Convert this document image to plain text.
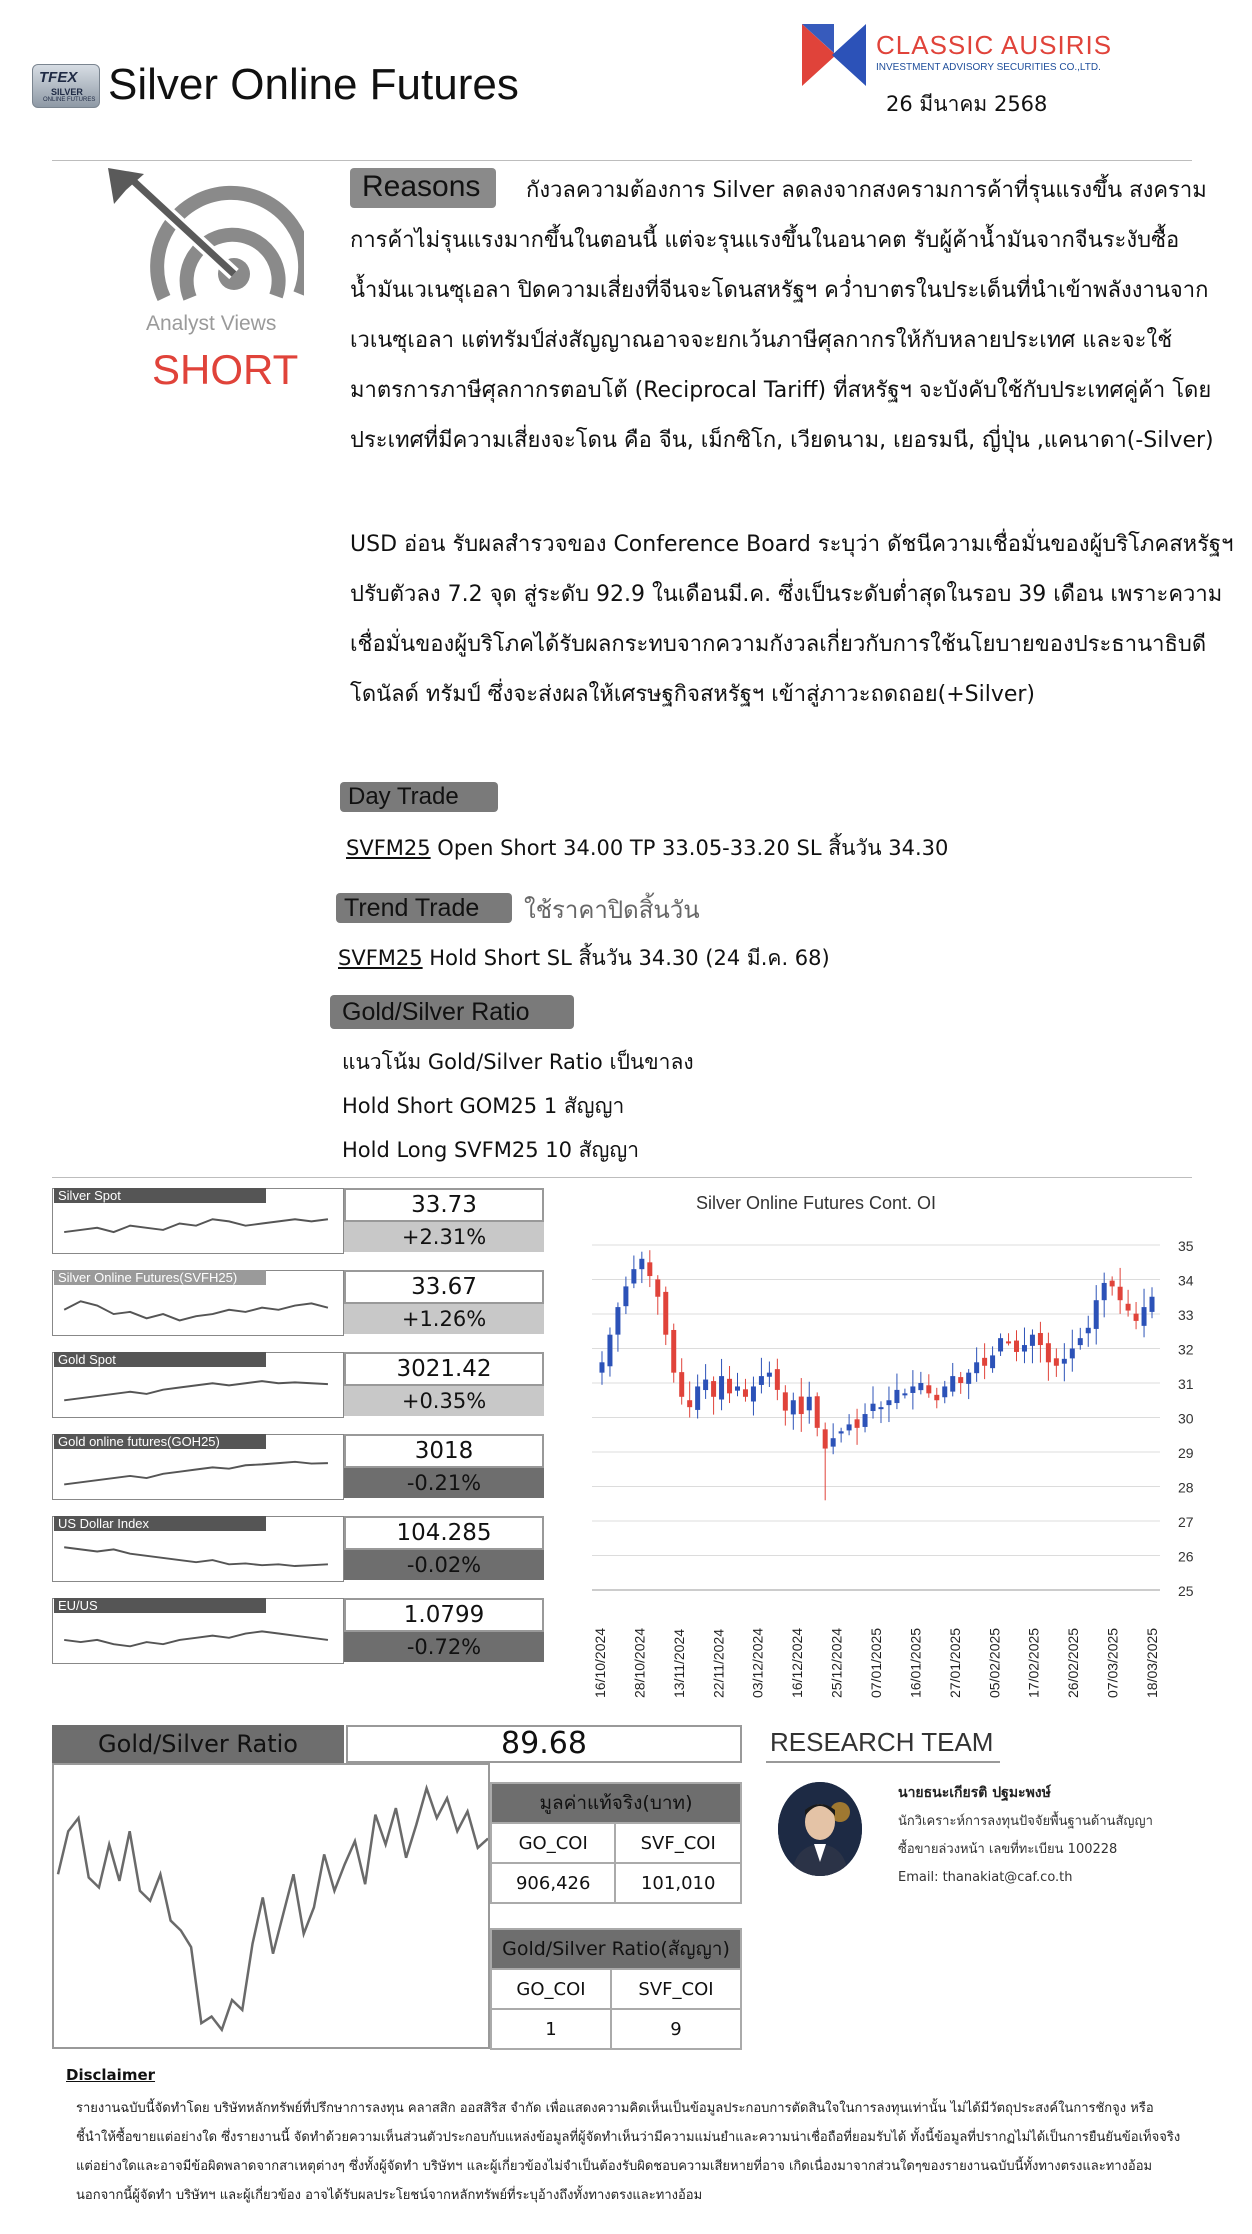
TFEX
SILVER
ONLINE FUTURES Silver Online Futures
CLASSIC AUSIRIS
INVESTMENT ADVISORY SECURITIES CO.,LTD.
26 มีนาคม 2568
Analyst Views
SHORT
กังวลความต้องการ Silver ลดลงจากสงครามการค้าที่รุนแรงขึ้น สงครามการค้าไม่รุนแรงมากขึ้นในตอนนี้ แต่จะรุนแรงขึ้นในอนาคต รับผู้ค้าน้ำมันจากจีนระงับซื้อน้ำมันเวเนซุเอลา ปิดความเสี่ยงที่จีนจะโดนสหรัฐฯ คว่ำบาตรในประเด็นที่นำเข้าพลังงานจากเวเนซุเอลา แต่ทรัมป์ส่งสัญญาณอาจจะยกเว้นภาษีศุลกากรให้กับหลายประเทศ และจะใช้มาตรการภาษีศุลกากรตอบโต้ (Reciprocal Tariff) ที่สหรัฐฯ จะบังคับใช้กับประเทศคู่ค้า โดยประเทศที่มีความเสี่ยงจะโดน คือ จีน, เม็กซิโก, เวียดนาม, เยอรมนี, ญี่ปุ่น ,แคนาดา(-Silver)
Reasons
USD อ่อน รับผลสำรวจของ Conference Board ระบุว่า ดัชนีความเชื่อมั่นของผู้บริโภคสหรัฐฯ ปรับตัวลง 7.2 จุด สู่ระดับ 92.9 ในเดือนมี.ค. ซึ่งเป็นระดับต่ำสุดในรอบ 39 เดือน เพราะความเชื่อมั่นของผู้บริโภคได้รับผลกระทบจากความกังวลเกี่ยวกับการใช้นโยบายของประธานาธิบดีโดนัลด์ ทรัมป์ ซึ่งจะส่งผลให้เศรษฐกิจสหรัฐฯ เข้าสู่ภาวะถดถอย(+Silver)
Day Trade
SVFM25 Open Short 34.00 TP 33.05-33.20 SL สิ้นวัน 34.30
Trend Trade	ใช้ราคาปิดสิ้นวัน
SVFM25 Hold Short SL สิ้นวัน 34.30 (24 มี.ค. 68)
Gold/Silver Ratio
แนวโน้ม Gold/Silver Ratio เป็นขาลง
Hold Short GOM25 1 สัญญา
Hold Long SVFM25 10 สัญญา
Silver Spot	33.73
+2.31%
Silver Online Futures(SVFH25)	33.67
+1.26%
Gold Spot	3021.42
+0.35%
Gold online futures(GOH25)	3018
-0.21%
US Dollar Index	104.285
-0.02%
EU/US	1.0799
-0.72%
Silver Online Futures Cont. OI
25
26
27
28
29
30
31
32
33
34
35
16/10/2024 28/10/2024 13/11/2024 22/11/2024 03/12/2024 16/12/2024 25/12/2024 07/01/2025 16/01/2025 27/01/2025 05/02/2025 17/02/2025 26/02/2025 07/03/2025 18/03/2025
Gold/Silver Ratio	89.68
มูลค่าแท้จริง(บาท)	
GO_COI	SVF_COI
906,426	101,010
Gold/Silver Ratio(สัญญา)	
GO_COI	SVF_COI
1	9
RESEARCH TEAM
นายธนะเกียรติ ปฐมะพงษ์
นักวิเคราะห์การลงทุนปัจจัยพื้นฐานด้านสัญญา
ซื้อขายล่วงหน้า เลขที่ทะเบียน 100228
Email: thanakiat@caf.co.th
Disclaimer
รายงานฉบับนี้จัดทำโดย บริษัทหลักทรัพย์ที่ปรึกษาการลงทุน คลาสสิก ออสสิริส จำกัด เพื่อแสดงความคิดเห็นเป็นข้อมูลประกอบการตัดสินใจในการลงทุนเท่านั้น ไม่ได้มีวัตถุประสงค์ในการชักจูง หรือ
ชี้นำให้ซื้อขายแต่อย่างใด ซึ่งรายงานนี้ จัดทำด้วยความเห็นส่วนตัวประกอบกับแหล่งข้อมูลที่ผู้จัดทำเห็นว่ามีความแม่นยำและความน่าเชื่อถือที่ยอมรับได้ ทั้งนี้ข้อมูลที่ปรากฏไม่ได้เป็นการยืนยันข้อเท็จจริง
แต่อย่างใดและอาจมีข้อผิดพลาดจากสาเหตุต่างๆ ซึ่งทั้งผู้จัดทำ บริษัทฯ และผู้เกี่ยวข้องไม่จำเป็นต้องรับผิดชอบความเสียหายที่อาจ เกิดเนื่องมาจากส่วนใดๆของรายงานฉบับนี้ทั้งทางตรงและทางอ้อม
นอกจากนี้ผู้จัดทำ บริษัทฯ และผู้เกี่ยวข้อง อาจได้รับผลประโยชน์จากหลักทรัพย์ที่ระบุอ้างถึงทั้งทางตรงและทางอ้อม
